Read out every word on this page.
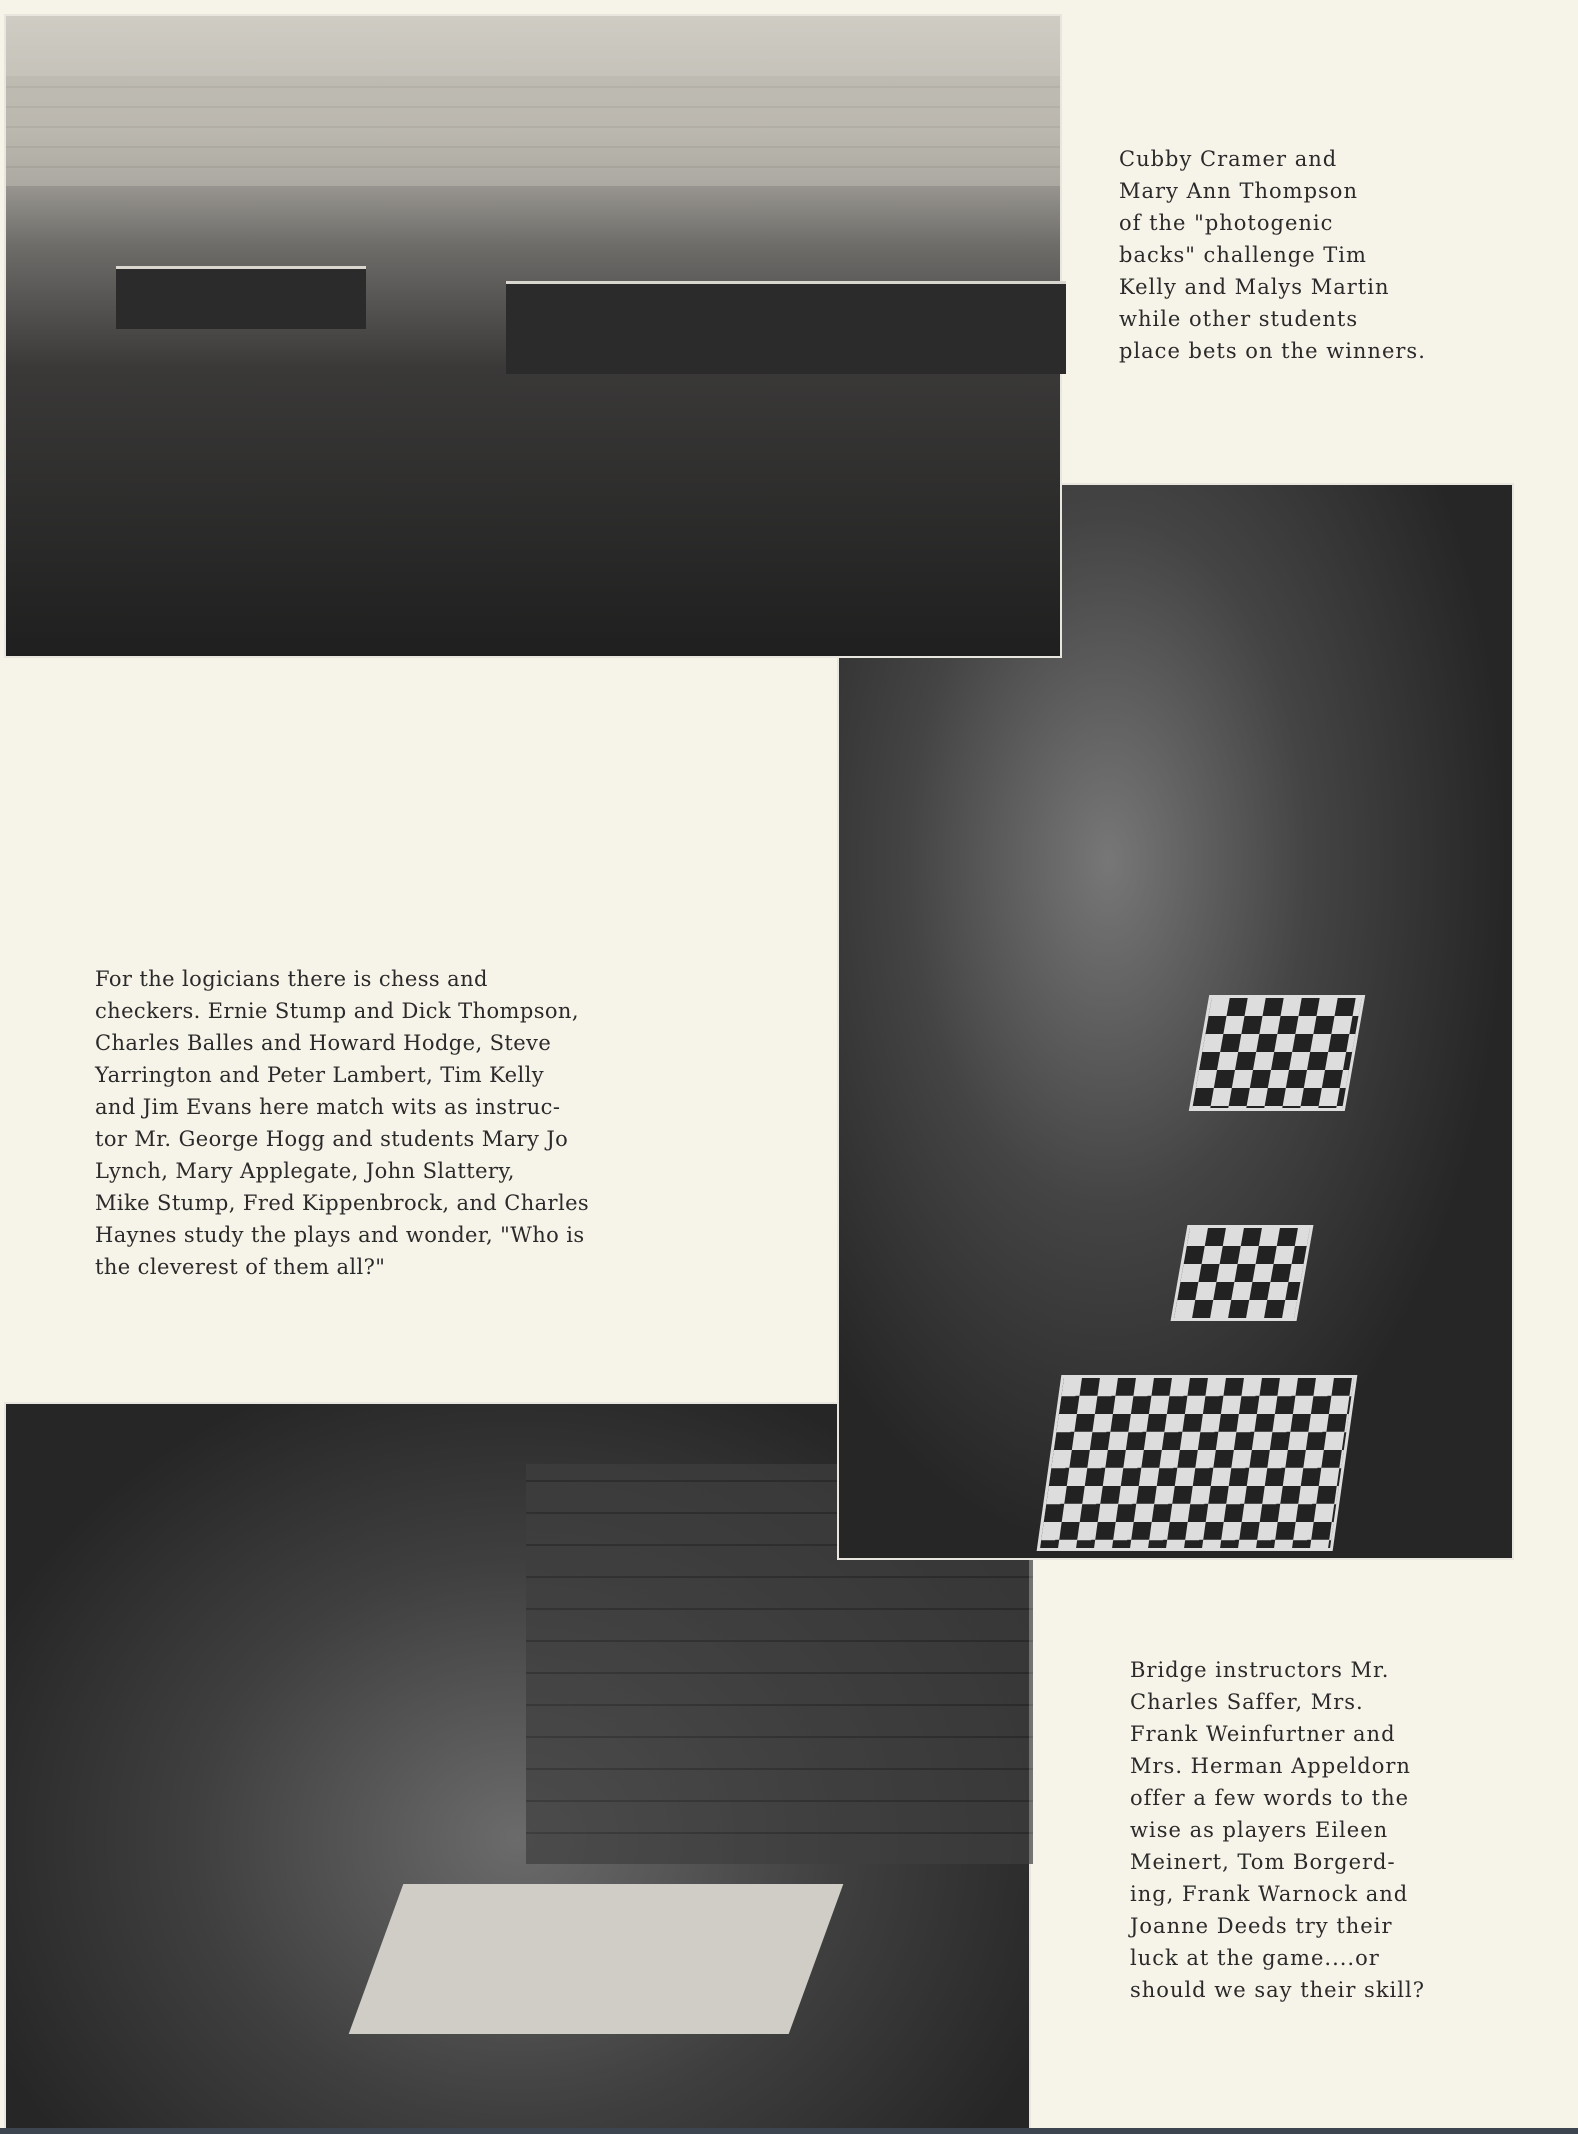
Cubby Cramer and
Mary Ann Thompson
of the "photogenic
backs" challenge Tim
Kelly and Malys Martin
while other students
place bets on the winners.
For the logicians there is chess and
checkers. Ernie Stump and Dick Thompson,
Charles Balles and Howard Hodge, Steve
Yarrington and Peter Lambert, Tim Kelly
and Jim Evans here match wits as instruc-
tor Mr. George Hogg and students Mary Jo
Lynch, Mary Applegate, John Slattery,
Mike Stump, Fred Kippenbrock, and Charles
Haynes study the plays and wonder, "Who is
the cleverest of them all?"
Bridge instructors Mr.
Charles Saffer, Mrs.
Frank Weinfurtner and
Mrs. Herman Appeldorn
offer a few words to the
wise as players Eileen
Meinert, Tom Borgerd-
ing, Frank Warnock and
Joanne Deeds try their
luck at the game....or
should we say their skill?
